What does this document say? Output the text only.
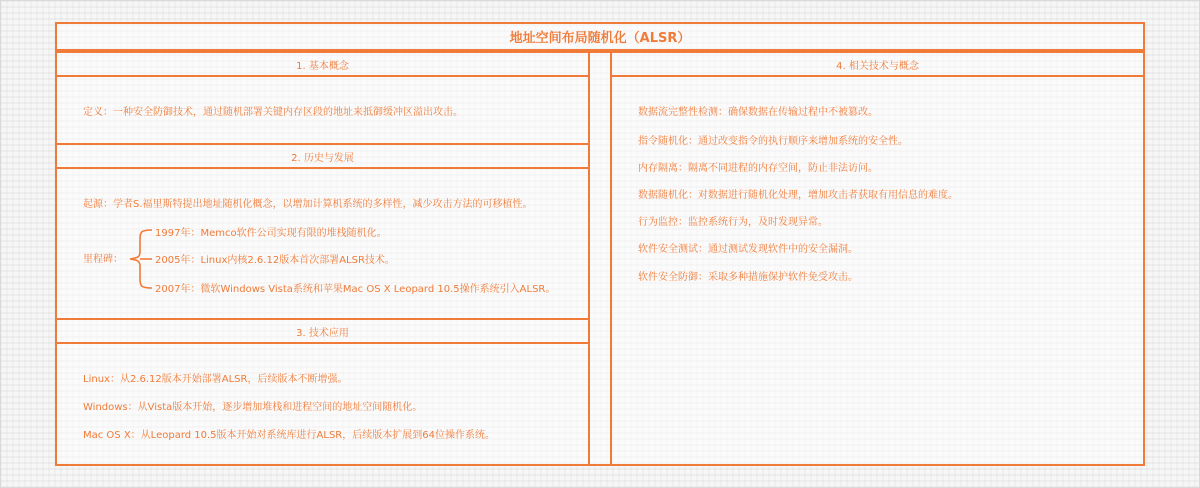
地址空间布局随机化（ALSR）
1. 基本概念
定义：一种安全防御技术，通过随机部署关键内存区段的地址来抵御缓冲区溢出攻击。
2. 历史与发展
起源：学者S.福里斯特提出地址随机化概念，以增加计算机系统的多样性，减少攻击方法的可移植性。
里程碑：
1997年：Memco软件公司实现有限的堆栈随机化。
2005年：Linux内核2.6.12版本首次部署ALSR技术。
2007年：微软Windows Vista系统和苹果Mac OS X Leopard 10.5操作系统引入ALSR。
3. 技术应用
Linux：从2.6.12版本开始部署ALSR，后续版本不断增强。
Windows：从Vista版本开始，逐步增加堆栈和进程空间的地址空间随机化。
Mac OS X：从Leopard 10.5版本开始对系统库进行ALSR，后续版本扩展到64位操作系统。
4. 相关技术与概念
数据流完整性检测：确保数据在传输过程中不被篡改。
指令随机化：通过改变指令的执行顺序来增加系统的安全性。
内存隔离：隔离不同进程的内存空间，防止非法访问。
数据随机化：对数据进行随机化处理，增加攻击者获取有用信息的难度。
行为监控：监控系统行为，及时发现异常。
软件安全测试：通过测试发现软件中的安全漏洞。
软件安全防御：采取多种措施保护软件免受攻击。
